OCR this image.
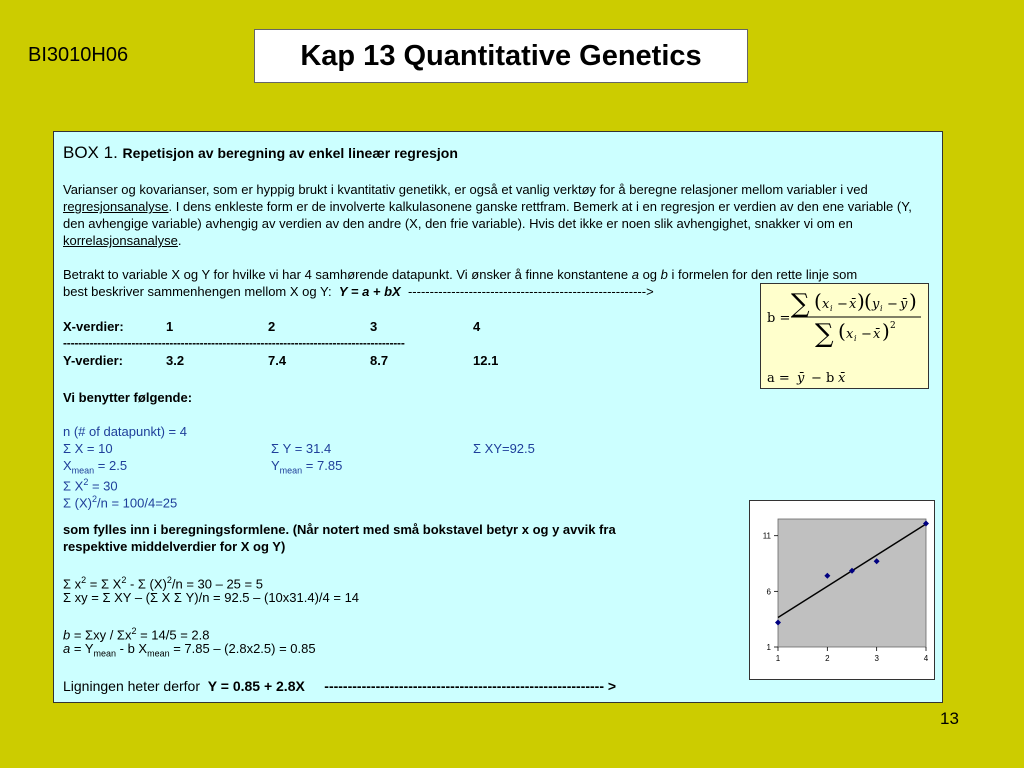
BI3010H06	Kap 13 Quantitative Genetics
BOX 1. Repetisjon av beregning av enkel lineær regresjon
Varianser og kovarianser, som er hyppig brukt i kvantitativ genetikk, er også et vanlig verktøy for å beregne relasjoner mellom variabler i ved regresjonsanalyse. I dens enkleste form er de involverte kalkulasonene ganske rettfram. Bemerk at i en regresjon er verdien av den ene variable (Y, den avhengige variable) avhengig av verdien av den andre (X, den frie variable). Hvis det ikke er noen slik avhengighet, snakker vi om en korrelasjonsanalyse.
Betrakt to variable X og Y for hvilke vi har 4 samhørende datapunkt. Vi ønsker å finne konstantene a og b i formelen for den rette linje som
best beskriver sammenhengen mellom X og Y: Y = a + bX ------------------------------------------------------->
X-verdier:	1	2	3	4
------------------------------------------------------------------------------------------
Y-verdier:	3.2	7.4	8.7	12.1
Vi benytter følgende:
n (# of datapunkt) = 4
Σ X = 10	Σ Y = 31.4	Σ XY=92.5
$X_{mean} = 2.5$	$Y_{mean} = 7.85$
Σ $X^2 = 30$
Σ $(X)^2/n = 100/4=25$
som fylles inn i beregningsformlene. (Når notert med små bokstavel betyr x og y avvik fra
respektive middelverdier for X og Y)
Σ $x^2 = \Sigma$ $X^2$ - Σ $(X)^2/n = 30 - 25 = 5$
Σ xy = Σ XY – (Σ X Σ Y)/n = 92.5 – (10x31.4)/4 = 14
$b = \Sigma xy / \Sigma x^2 = 14/5 = 2.8$
$a = Y_{mean} - b$ $X_{mean} = 7.85 - (2.8x2.5) = 0.85$
Ligningen heter derfor Y = 0.85 + 2.8X ------------------------------------------------------------ >
b = ∑ ( x i − x̄ ) ( y i − ȳ )
∑ ( x i − x̄ ) 2
a = ȳ − b x̄
1
6
11
1	2	3	4
13
